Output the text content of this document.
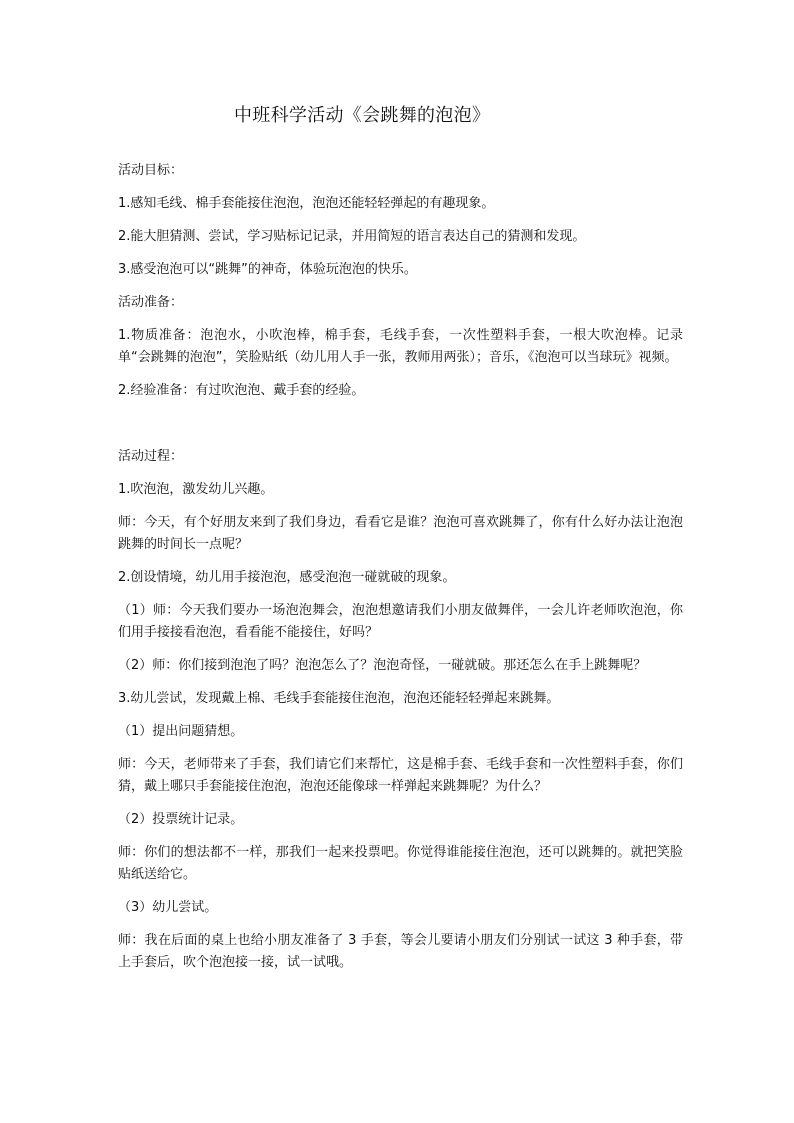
中班科学活动《会跳舞的泡泡》
活动目标：
1.感知毛线、棉手套能接住泡泡，泡泡还能轻轻弹起的有趣现象。
2.能大胆猜测、尝试，学习贴标记记录，并用简短的语言表达自己的猜测和发现。
3.感受泡泡可以“跳舞”的神奇，体验玩泡泡的快乐。
活动准备：
1.物质准备：泡泡水，小吹泡棒，棉手套，毛线手套，一次性塑料手套，一根大吹泡棒。记录单“会跳舞的泡泡”，笑脸贴纸（幼儿用人手一张，教师用两张）；音乐，《泡泡可以当球玩》视频。
2.经验准备：有过吹泡泡、戴手套的经验。
活动过程：
1.吹泡泡，激发幼儿兴趣。
师：今天，有个好朋友来到了我们身边，看看它是谁？泡泡可喜欢跳舞了，你有什么好办法让泡泡跳舞的时间长一点呢？
2.创设情境，幼儿用手接泡泡，感受泡泡一碰就破的现象。
（1）师：今天我们要办一场泡泡舞会，泡泡想邀请我们小朋友做舞伴，一会儿许老师吹泡泡，你们用手接接看泡泡，看看能不能接住，好吗？
（2）师：你们接到泡泡了吗？泡泡怎么了？泡泡奇怪，一碰就破。那还怎么在手上跳舞呢？
3.幼儿尝试，发现戴上棉、毛线手套能接住泡泡，泡泡还能轻轻弹起来跳舞。
（1）提出问题猜想。
师：今天，老师带来了手套，我们请它们来帮忙，这是棉手套、毛线手套和一次性塑料手套，你们猜，戴上哪只手套能接住泡泡，泡泡还能像球一样弹起来跳舞呢？为什么？
（2）投票统计记录。
师：你们的想法都不一样，那我们一起来投票吧。你觉得谁能接住泡泡，还可以跳舞的。就把笑脸贴纸送给它。
（3）幼儿尝试。
师：我在后面的桌上也给小朋友准备了 3 手套，等会儿要请小朋友们分别试一试这 3 种手套，带上手套后，吹个泡泡接一接，试一试哦。
